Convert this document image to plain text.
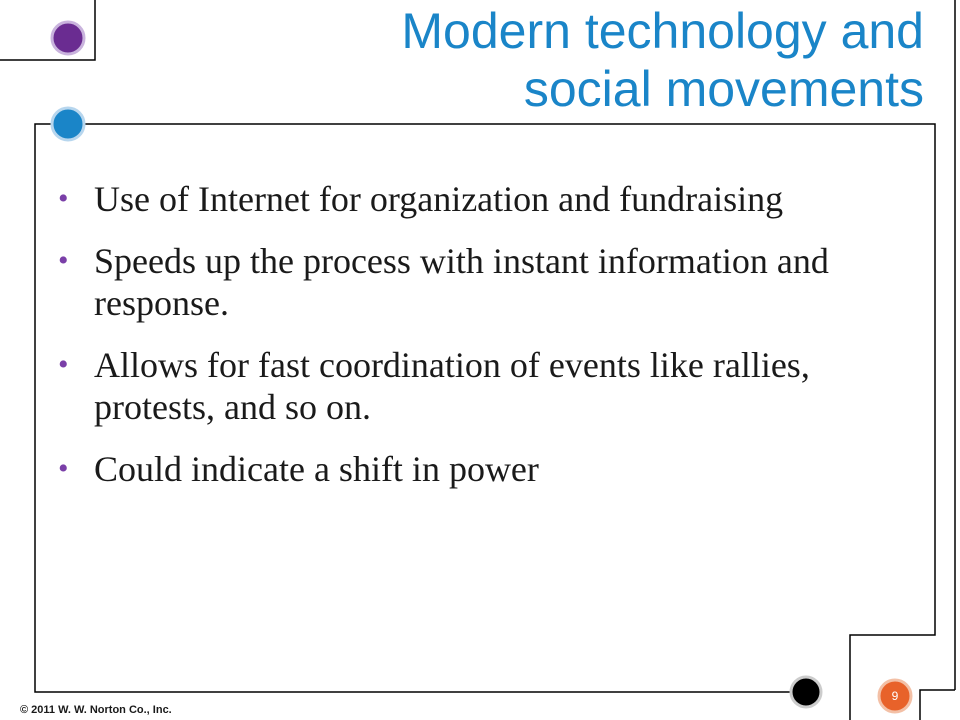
Modern technology and
social movements
• Use of Internet for organization and fundraising
• Speeds up the process with instant information and response.
• Allows for fast coordination of events like rallies, protests, and so on.
• Could indicate a shift in power
© 2011 W. W. Norton Co., Inc.
9
